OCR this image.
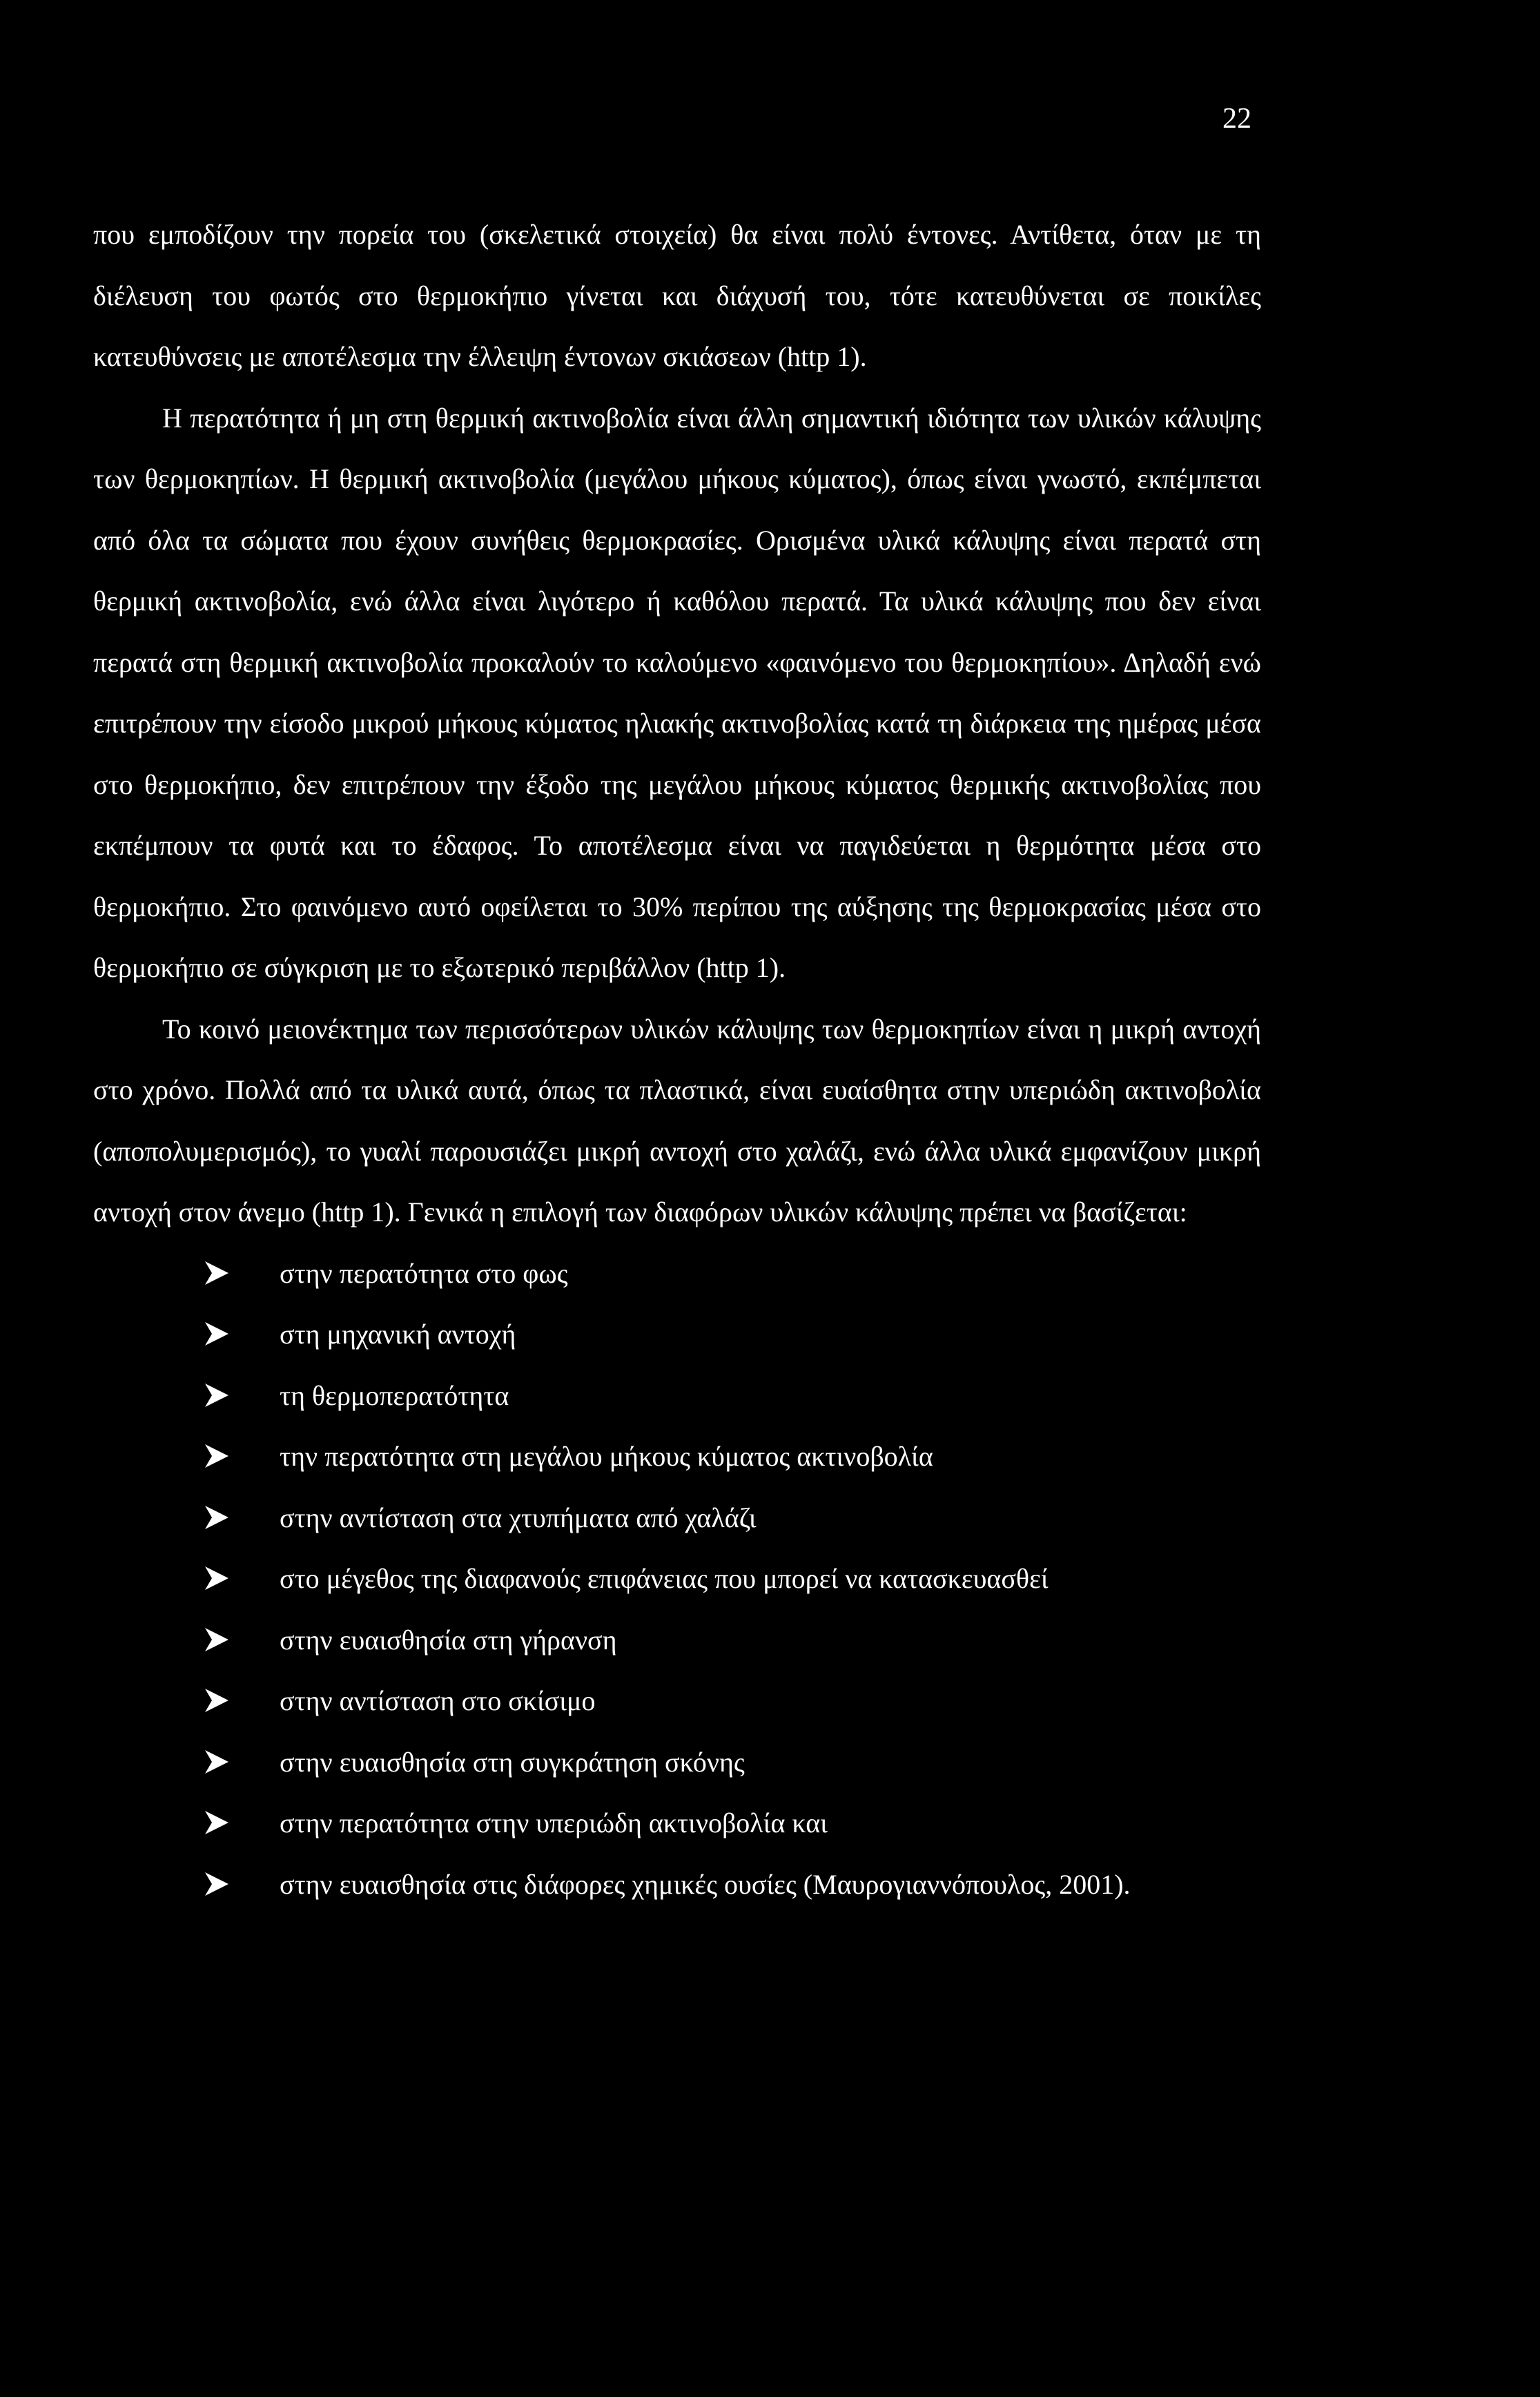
22

που εμποδίζουν την πορεία του (σκελετικά στοιχεία) θα είναι πολύ έντονες. Αντίθετα, όταν με τη διέλευση του φωτός στο θερμοκήπιο γίνεται και διάχυσή του, τότε κατευθύνεται σε ποικίλες κατευθύνσεις με αποτέλεσμα την έλλειψη έντονων σκιάσεων (http 1).

Η περατότητα ή μη στη θερμική ακτινοβολία είναι άλλη σημαντική ιδιότητα των υλικών κάλυψης των θερμοκηπίων. Η θερμική ακτινοβολία (μεγάλου μήκους κύματος), όπως είναι γνωστό, εκπέμπεται από όλα τα σώματα που έχουν συνήθεις θερμοκρασίες. Ορισμένα υλικά κάλυψης είναι περατά στη θερμική ακτινοβολία, ενώ άλλα είναι λιγότερο ή καθόλου περατά. Τα υλικά κάλυψης που δεν είναι περατά στη θερμική ακτινοβολία προκαλούν το καλούμενο «φαινόμενο του θερμοκηπίου». Δηλαδή ενώ επιτρέπουν την είσοδο μικρού μήκους κύματος ηλιακής ακτινοβολίας κατά τη διάρκεια της ημέρας μέσα στο θερμοκήπιο, δεν επιτρέπουν την έξοδο της μεγάλου μήκους κύματος θερμικής ακτινοβολίας που εκπέμπουν τα φυτά και το έδαφος. Το αποτέλεσμα είναι να παγιδεύεται η θερμότητα μέσα στο θερμοκήπιο. Στο φαινόμενο αυτό οφείλεται το 30% περίπου της αύξησης της θερμοκρασίας μέσα στο θερμοκήπιο σε σύγκριση με το εξωτερικό περιβάλλον (http 1).

Το κοινό μειονέκτημα των περισσότερων υλικών κάλυψης των θερμοκηπίων είναι η μικρή αντοχή στο χρόνο. Πολλά από τα υλικά αυτά, όπως τα πλαστικά, είναι ευαίσθητα στην υπεριώδη ακτινοβολία (αποπολυμερισμός), το γυαλί παρουσιάζει μικρή αντοχή στο χαλάζι, ενώ άλλα υλικά εμφανίζουν μικρή αντοχή στον άνεμο (http 1). Γενικά η επιλογή των διαφόρων υλικών κάλυψης πρέπει να βασίζεται:

στην περατότητα στο φως
στη μηχανική αντοχή
τη θερμοπερατότητα
την περατότητα στη μεγάλου μήκους κύματος ακτινοβολία
στην αντίσταση στα χτυπήματα από χαλάζι
στο μέγεθος της διαφανούς επιφάνειας που μπορεί να κατασκευασθεί
στην ευαισθησία στη γήρανση
στην αντίσταση στο σκίσιμο
στην ευαισθησία στη συγκράτηση σκόνης
στην περατότητα στην υπεριώδη ακτινοβολία και
στην ευαισθησία στις διάφορες χημικές ουσίες (Μαυρογιαννόπουλος, 2001).
